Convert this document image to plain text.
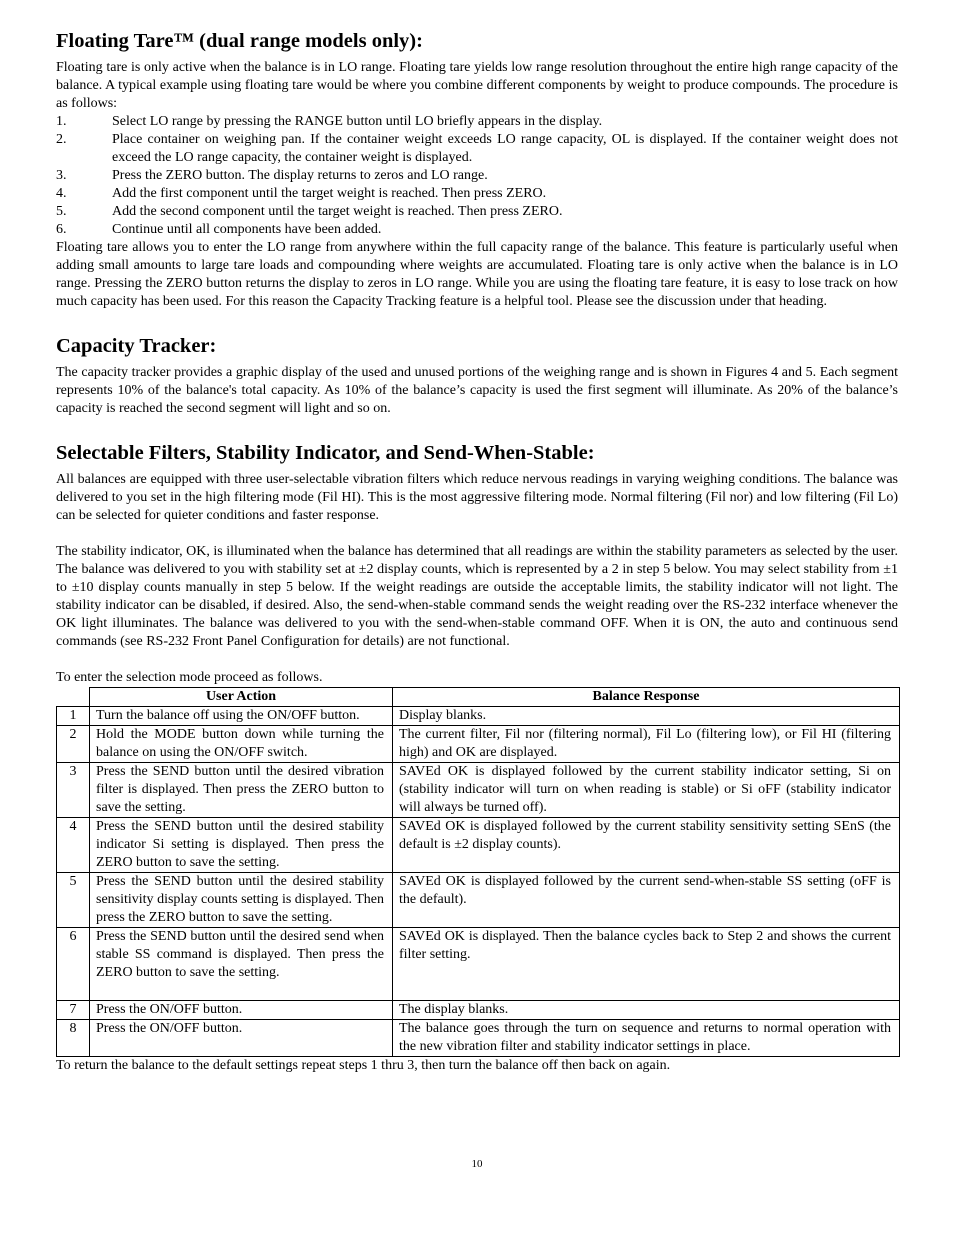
Floating Tare™ (dual range models only):

Floating tare is only active when the balance is in LO range. Floating tare yields low range resolution throughout the entire high range capacity of the balance. A typical example using floating tare would be where you combine different components by weight to produce compounds. The procedure is as follows:

1.	Select LO range by pressing the RANGE button until LO briefly appears in the display.
2.	Place container on weighing pan. If the container weight exceeds LO range capacity, OL is displayed. If the container weight does not exceed the LO range capacity, the container weight is displayed.
3.	Press the ZERO button. The display returns to zeros and LO range.
4.	Add the first component until the target weight is reached. Then press ZERO.
5.	Add the second component until the target weight is reached. Then press ZERO.
6.	Continue until all components have been added.

Floating tare allows you to enter the LO range from anywhere within the full capacity range of the balance. This feature is particularly useful when adding small amounts to large tare loads and compounding where weights are accumulated. Floating tare is only active when the balance is in LO range. Pressing the ZERO button returns the display to zeros in LO range. While you are using the floating tare feature, it is easy to lose track on how much capacity has been used. For this reason the Capacity Tracking feature is a helpful tool. Please see the discussion under that heading.

Capacity Tracker:

The capacity tracker provides a graphic display of the used and unused portions of the weighing range and is shown in Figures 4 and 5. Each segment represents 10% of the balance's total capacity. As 10% of the balance’s capacity is used the first segment will illuminate. As 20% of the balance’s capacity is reached the second segment will light and so on.

Selectable Filters, Stability Indicator, and Send-When-Stable:

All balances are equipped with three user-selectable vibration filters which reduce nervous readings in varying weighing conditions. The balance was delivered to you set in the high filtering mode (Fil HI). This is the most aggressive filtering mode. Normal filtering (Fil nor) and low filtering (Fil Lo) can be selected for quieter conditions and faster response.

The stability indicator, OK, is illuminated when the balance has determined that all readings are within the stability parameters as selected by the user. The balance was delivered to you with stability set at ±2 display counts, which is represented by a 2 in step 5 below. You may select stability from ±1 to ±10 display counts manually in step 5 below. If the weight readings are outside the acceptable limits, the stability indicator will not light. The stability indicator can be disabled, if desired. Also, the send-when-stable command sends the weight reading over the RS-232 interface whenever the OK light illuminates. The balance was delivered to you with the send-when-stable command OFF. When it is ON, the auto and continuous send commands (see RS-232 Front Panel Configuration for details) are not functional.

To enter the selection mode proceed as follows.

	User Action	Balance Response
1	Turn the balance off using the ON/OFF button.	Display blanks.
2	Hold the MODE button down while turning the balance on using the ON/OFF switch.	The current filter, Fil nor (filtering normal), Fil Lo (filtering low), or Fil HI (filtering high) and OK are displayed.
3	Press the SEND button until the desired vibration filter is displayed. Then press the ZERO button to save the setting.	SAVEd OK is displayed followed by the current stability indicator setting, Si on (stability indicator will turn on when reading is stable) or Si oFF (stability indicator will always be turned off).
4	Press the SEND button until the desired stability indicator Si setting is displayed. Then press the ZERO button to save the setting.	SAVEd OK is displayed followed by the current stability sensitivity setting SEnS (the default is ±2 display counts).
5	Press the SEND button until the desired stability sensitivity display counts setting is displayed. Then press the ZERO button to save the setting.	SAVEd OK is displayed followed by the current send-when-stable SS setting (oFF is the default).
6	Press the SEND button until the desired send when stable SS command is displayed. Then press the ZERO button to save the setting.	SAVEd OK is displayed. Then the balance cycles back to Step 2 and shows the current filter setting.
7	Press the ON/OFF button.	The display blanks.
8	Press the ON/OFF button.	The balance goes through the turn on sequence and returns to normal operation with the new vibration filter and stability indicator settings in place.

To return the balance to the default settings repeat steps 1 thru 3, then turn the balance off then back on again.

10
